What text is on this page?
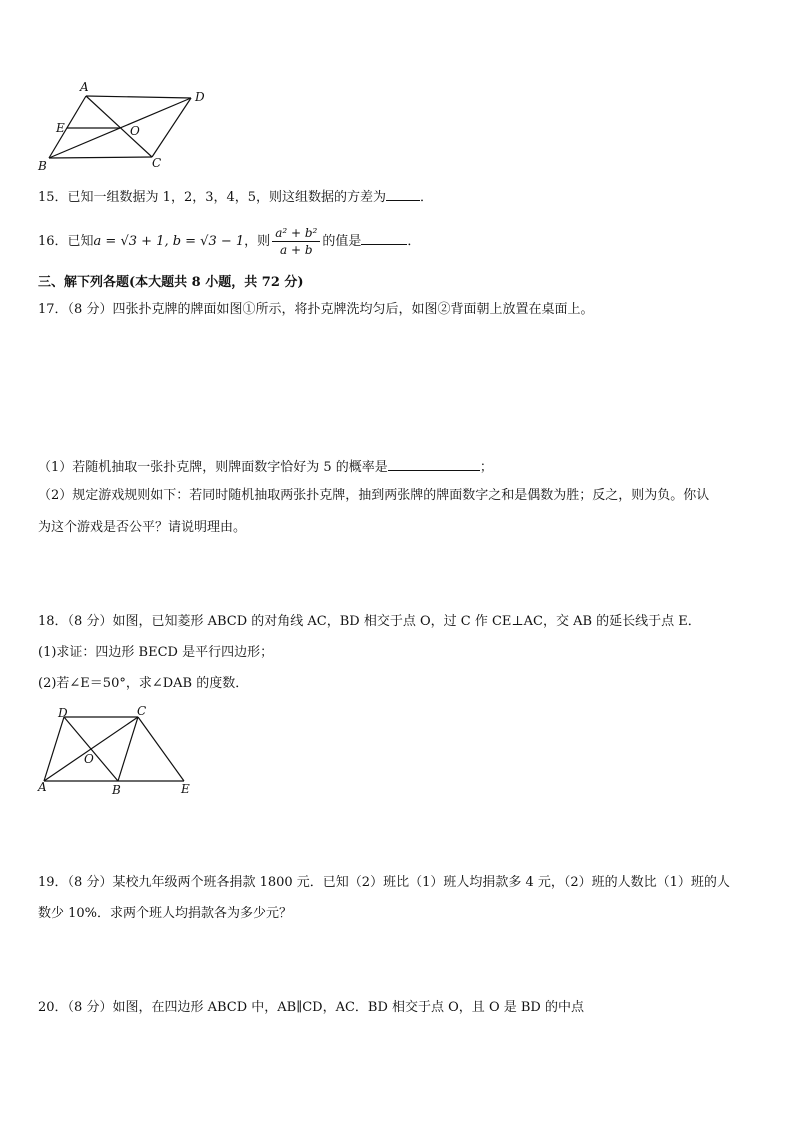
A
D
E	O
B	C
15．已知一组数据为 1，2，3，4，5，则这组数据的方差为	．
16．已知a = √3 + 1, b = √3 − 1，则 $\frac{\text{a² + b²}}{a + b}$ 的值是	．
三、解下列各题(本大题共 8 小题，共 72 分)
17．（8 分）四张扑克牌的牌面如图①所示，将扑克牌洗均匀后，如图②背面朝上放置在桌面上。
（1）若随机抽取一张扑克牌，则牌面数字恰好为 5 的概率是	；
（2）规定游戏规则如下：若同时随机抽取两张扑克牌，抽到两张牌的牌面数字之和是偶数为胜；反之，则为负。你认
为这个游戏是否公平？请说明理由。
18．（8 分）如图，已知菱形 ABCD 的对角线 AC，BD 相交于点 O，过 C 作 CE⊥AC，交 AB 的延长线于点 E．
(1)求证：四边形 BECD 是平行四边形；
(2)若∠E＝50°，求∠DAB 的度数．
D	C
O
A	B	E
19．（8 分）某校九年级两个班各捐款 1800 元．已知（2）班比（1）班人均捐款多 4 元，（2）班的人数比（1）班的人
数少 10%．求两个班人均捐款各为多少元？
20．（8 分）如图，在四边形 ABCD 中，AB∥CD，AC．BD 相交于点 O，且 O 是 BD 的中点
